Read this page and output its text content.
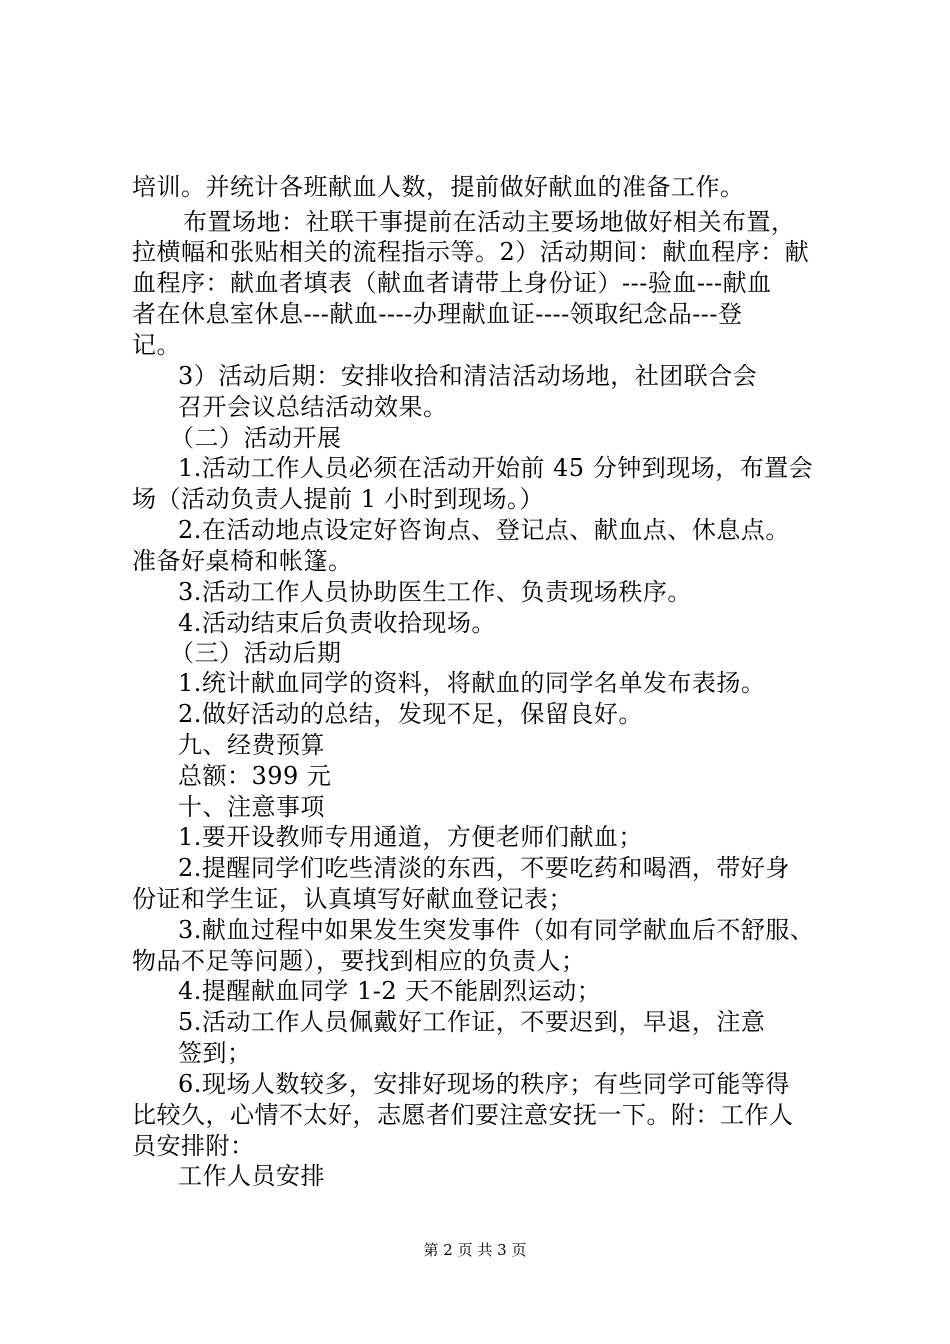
培训。并统计各班献血人数，提前做好献血的准备工作。
布置场地：社联干事提前在活动主要场地做好相关布置，
拉横幅和张贴相关的流程指示等。2）活动期间：献血程序：献
血程序：献血者填表（献血者请带上身份证）---验血---献血
者在休息室休息---献血----办理献血证----领取纪念品---登
记。
3）活动后期：安排收拾和清洁活动场地，社团联合会
召开会议总结活动效果。
（二）活动开展
1.活动工作人员必须在活动开始前 45 分钟到现场，布置会
场（活动负责人提前 1 小时到现场。）
2.在活动地点设定好咨询点、登记点、献血点、休息点。
准备好桌椅和帐篷。
3.活动工作人员协助医生工作、负责现场秩序。
4.活动结束后负责收拾现场。
（三）活动后期
1.统计献血同学的资料，将献血的同学名单发布表扬。
2.做好活动的总结，发现不足，保留良好。
九、经费预算
总额：399 元
十、注意事项
1.要开设教师专用通道，方便老师们献血；
2.提醒同学们吃些清淡的东西，不要吃药和喝酒，带好身
份证和学生证，认真填写好献血登记表；
3.献血过程中如果发生突发事件（如有同学献血后不舒服、
物品不足等问题），要找到相应的负责人；
4.提醒献血同学 1-2 天不能剧烈运动；
5.活动工作人员佩戴好工作证，不要迟到，早退，注意
签到；
6.现场人数较多，安排好现场的秩序；有些同学可能等得
比较久，心情不太好，志愿者们要注意安抚一下。附：工作人
员安排附：
工作人员安排
第 2 页 共 3 页
